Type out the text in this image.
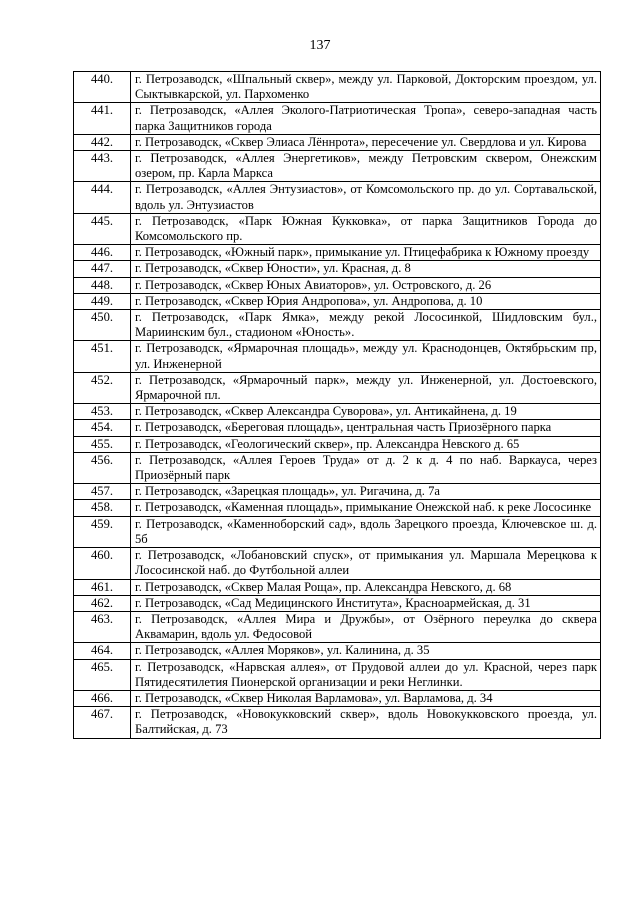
137
440.	г. Петрозаводск, «Шпальный сквер», между ул. Парковой, Докторским проездом, ул. Сыктывкарской, ул. Пархоменко
441.	г. Петрозаводск, «Аллея Эколого-Патриотическая Тропа», северо-западная часть парка Защитников города
442.	г. Петрозаводск, «Сквер Элиаса Лённрота», пересечение ул. Свердлова и ул. Кирова
443.	г. Петрозаводск, «Аллея Энергетиков», между Петровским сквером, Онежским озером, пр. Карла Маркса
444.	г. Петрозаводск, «Аллея Энтузиастов», от Комсомольского пр. до ул. Сортавальской, вдоль ул. Энтузиастов
445.	г. Петрозаводск, «Парк Южная Кукковка», от парка Защитников Города до Комсомольского пр.
446.	г. Петрозаводск, «Южный парк», примыкание ул. Птицефабрика к Южному проезду
447.	г. Петрозаводск, «Сквер Юности», ул. Красная, д. 8
448.	г. Петрозаводск, «Сквер Юных Авиаторов», ул. Островского, д. 26
449.	г. Петрозаводск, «Сквер Юрия Андропова», ул. Андропова, д. 10
450.	г. Петрозаводск, «Парк Ямка», между рекой Лососинкой, Шидловским бул., Мариинским бул., стадионом «Юность».
451.	г. Петрозаводск, «Ярмарочная площадь», между ул. Краснодонцев, Октябрьским пр, ул. Инженерной
452.	г. Петрозаводск, «Ярмарочный парк», между ул. Инженерной, ул. Достоевского, Ярмарочной пл.
453.	г. Петрозаводск, «Сквер Александра Суворова», ул. Антикайнена, д. 19
454.	г. Петрозаводск, «Береговая площадь», центральная часть Приозёрного парка
455.	г. Петрозаводск, «Геологический сквер», пр. Александра Невского д. 65
456.	г. Петрозаводск, «Аллея Героев Труда» от д. 2 к д. 4 по наб. Варкауса, через Приозёрный парк
457.	г. Петрозаводск, «Зарецкая площадь», ул. Ригачина, д. 7а
458.	г. Петрозаводск, «Каменная площадь», примыкание Онежской наб. к реке Лососинке
459.	г. Петрозаводск, «Каменноборский сад», вдоль Зарецкого проезда, Ключевское ш. д. 5б
460.	г. Петрозаводск, «Лобановский спуск», от примыкания ул. Маршала Мерецкова к Лососинской наб. до Футбольной аллеи
461.	г. Петрозаводск, «Сквер Малая Роща», пр. Александра Невского, д. 68
462.	г. Петрозаводск, «Сад Медицинского Института», Красноармейская, д. 31
463.	г. Петрозаводск, «Аллея Мира и Дружбы», от Озёрного переулка до сквера Аквамарин, вдоль ул. Федосовой
464.	г. Петрозаводск, «Аллея Моряков», ул. Калинина, д. 35
465.	г. Петрозаводск, «Нарвская аллея», от Прудовой аллеи до ул. Красной, через парк Пятидесятилетия Пионерской организации и реки Неглинки.
466.	г. Петрозаводск, «Сквер Николая Варламова», ул. Варламова, д. 34
467.	г. Петрозаводск, «Новокукковский сквер», вдоль Новокукковского проезда, ул. Балтийская, д. 73
